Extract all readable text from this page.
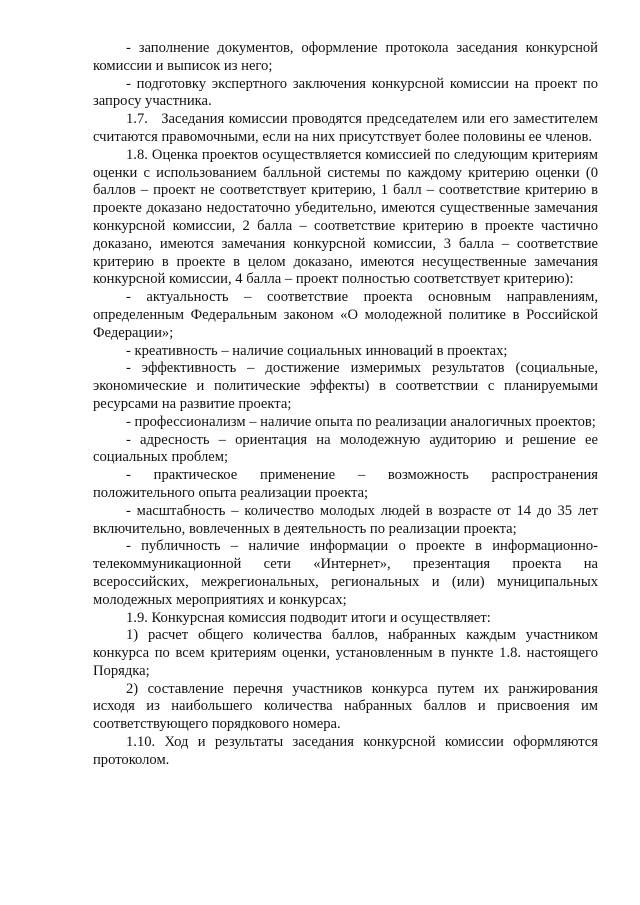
- заполнение документов, оформление протокола заседания конкурсной комиссии и выписок из него;

- подготовку экспертного заключения конкурсной комиссии на проект по запросу участника.

1.7.   Заседания комиссии проводятся председателем или его заместителем считаются правомочными, если на них присутствует более половины ее членов.

1.8. Оценка проектов осуществляется комиссией по следующим критериям оценки с использованием балльной системы по каждому критерию оценки (0 баллов – проект не соответствует критерию, 1 балл – соответствие критерию в проекте доказано недостаточно убедительно, имеются существенные замечания конкурсной комиссии, 2 балла – соответствие критерию в проекте частично доказано, имеются замечания конкурсной комиссии, 3 балла – соответствие критерию в проекте в целом доказано, имеются несущественные замечания конкурсной комиссии, 4 балла – проект полностью соответствует критерию):

- актуальность – соответствие проекта основным направлениям, определенным Федеральным законом «О молодежной политике в Российской Федерации»;

- креативность – наличие социальных инноваций в проектах;

- эффективность – достижение измеримых результатов (социальные, экономические и политические эффекты) в соответствии с планируемыми ресурсами на развитие проекта;

- профессионализм – наличие опыта по реализации аналогичных проектов;

- адресность – ориентация на молодежную аудиторию и решение ее социальных проблем;

- практическое применение – возможность распространения положительного опыта реализации проекта;

- масштабность – количество молодых людей в возрасте от 14 до 35 лет включительно, вовлеченных в деятельность по реализации проекта;

- публичность – наличие информации о проекте в информационно-телекоммуникационной сети «Интернет», презентация проекта на всероссийских, межрегиональных, региональных и (или) муниципальных молодежных мероприятиях и конкурсах;

1.9. Конкурсная комиссия подводит итоги и осуществляет:

1) расчет общего количества баллов, набранных каждым участником конкурса по всем критериям оценки, установленным в пункте 1.8. настоящего Порядка;

2) составление перечня участников конкурса путем их ранжирования исходя из наибольшего количества набранных баллов и присвоения им соответствующего порядкового номера.

1.10. Ход и результаты заседания конкурсной комиссии оформляются протоколом.
